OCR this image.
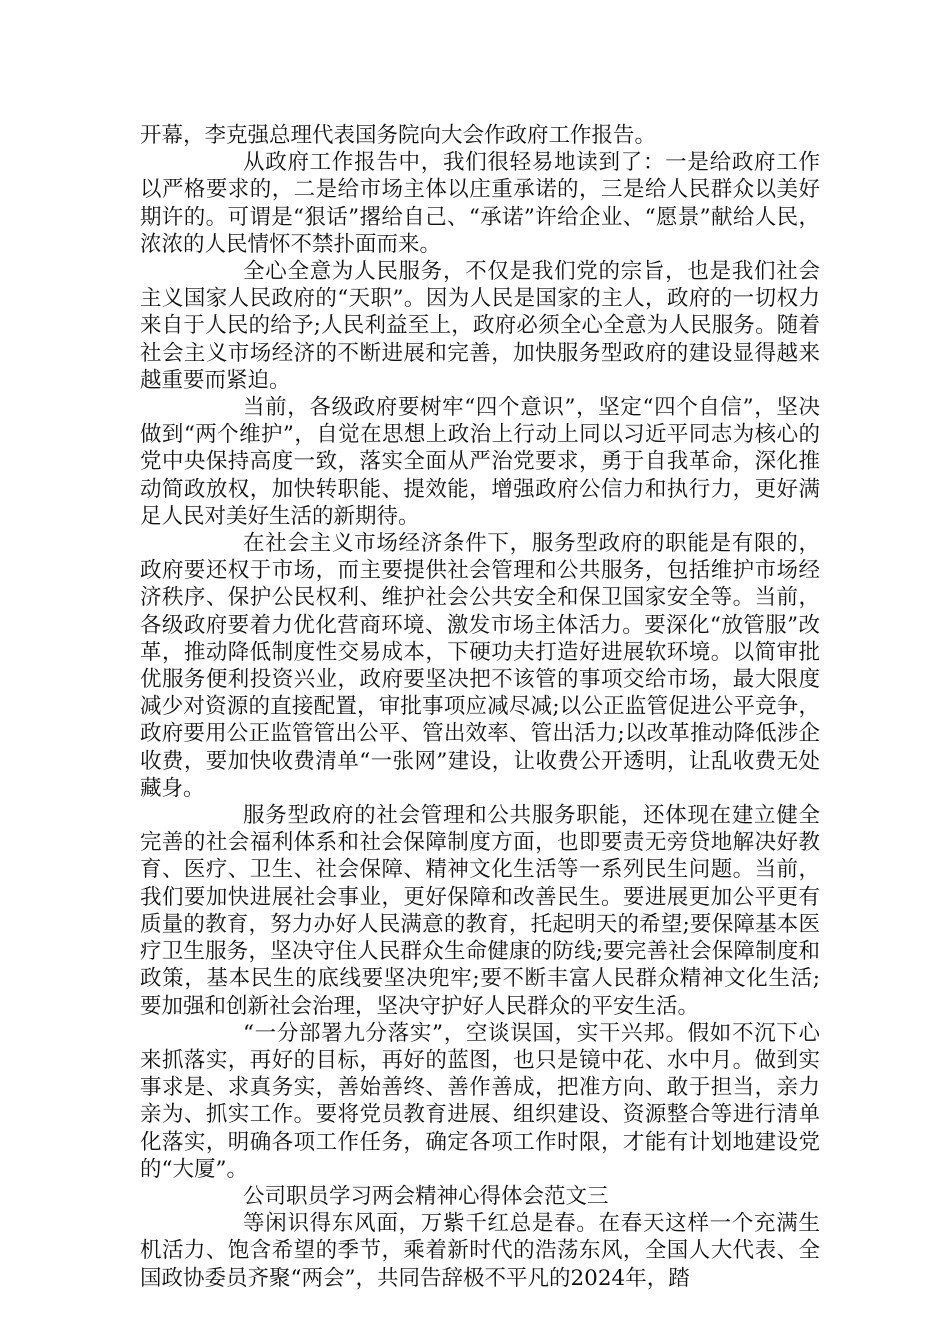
开幕，李克强总理代表国务院向大会作政府工作报告。

从政府工作报告中，我们很轻易地读到了：一是给政府工作以严格要求的，二是给市场主体以庄重承诺的，三是给人民群众以美好期许的。可谓是“狠话”撂给自己、“承诺”许给企业、“愿景”献给人民，浓浓的人民情怀不禁扑面而来。

全心全意为人民服务，不仅是我们党的宗旨，也是我们社会主义国家人民政府的“天职”。因为人民是国家的主人，政府的一切权力来自于人民的给予;人民利益至上，政府必须全心全意为人民服务。随着社会主义市场经济的不断进展和完善，加快服务型政府的建设显得越来越重要而紧迫。

当前，各级政府要树牢“四个意识”，坚定“四个自信”，坚决做到“两个维护”，自觉在思想上政治上行动上同以习近平同志为核心的党中央保持高度一致，落实全面从严治党要求，勇于自我革命，深化推动简政放权，加快转职能、提效能，增强政府公信力和执行力，更好满足人民对美好生活的新期待。

在社会主义市场经济条件下，服务型政府的职能是有限的，政府要还权于市场，而主要提供社会管理和公共服务，包括维护市场经济秩序、保护公民权利、维护社会公共安全和保卫国家安全等。当前，各级政府要着力优化营商环境、激发市场主体活力。要深化“放管服”改革，推动降低制度性交易成本，下硬功夫打造好进展软环境。以简审批优服务便利投资兴业，政府要坚决把不该管的事项交给市场，最大限度减少对资源的直接配置，审批事项应减尽减;以公正监管促进公平竞争，政府要用公正监管管出公平、管出效率、管出活力;以改革推动降低涉企收费，要加快收费清单“一张网”建设，让收费公开透明，让乱收费无处藏身。

服务型政府的社会管理和公共服务职能，还体现在建立健全完善的社会福利体系和社会保障制度方面，也即要责无旁贷地解决好教育、医疗、卫生、社会保障、精神文化生活等一系列民生问题。当前，我们要加快进展社会事业，更好保障和改善民生。要进展更加公平更有质量的教育，努力办好人民满意的教育，托起明天的希望;要保障基本医疗卫生服务，坚决守住人民群众生命健康的防线;要完善社会保障制度和政策，基本民生的底线要坚决兜牢;要不断丰富人民群众精神文化生活;要加强和创新社会治理，坚决守护好人民群众的平安生活。

“一分部署九分落实”，空谈误国，实干兴邦。假如不沉下心来抓落实，再好的目标，再好的蓝图，也只是镜中花、水中月。做到实事求是、求真务实，善始善终、善作善成，把准方向、敢于担当，亲力亲为、抓实工作。要将党员教育进展、组织建设、资源整合等进行清单化落实，明确各项工作任务，确定各项工作时限，才能有计划地建设党的“大厦”。

公司职员学习两会精神心得体会范文三

等闲识得东风面，万紫千红总是春。在春天这样一个充满生机活力、饱含希望的季节，乘着新时代的浩荡东风，全国人大代表、全国政协委员齐聚“两会”，共同告辞极不平凡的2024年，踏
